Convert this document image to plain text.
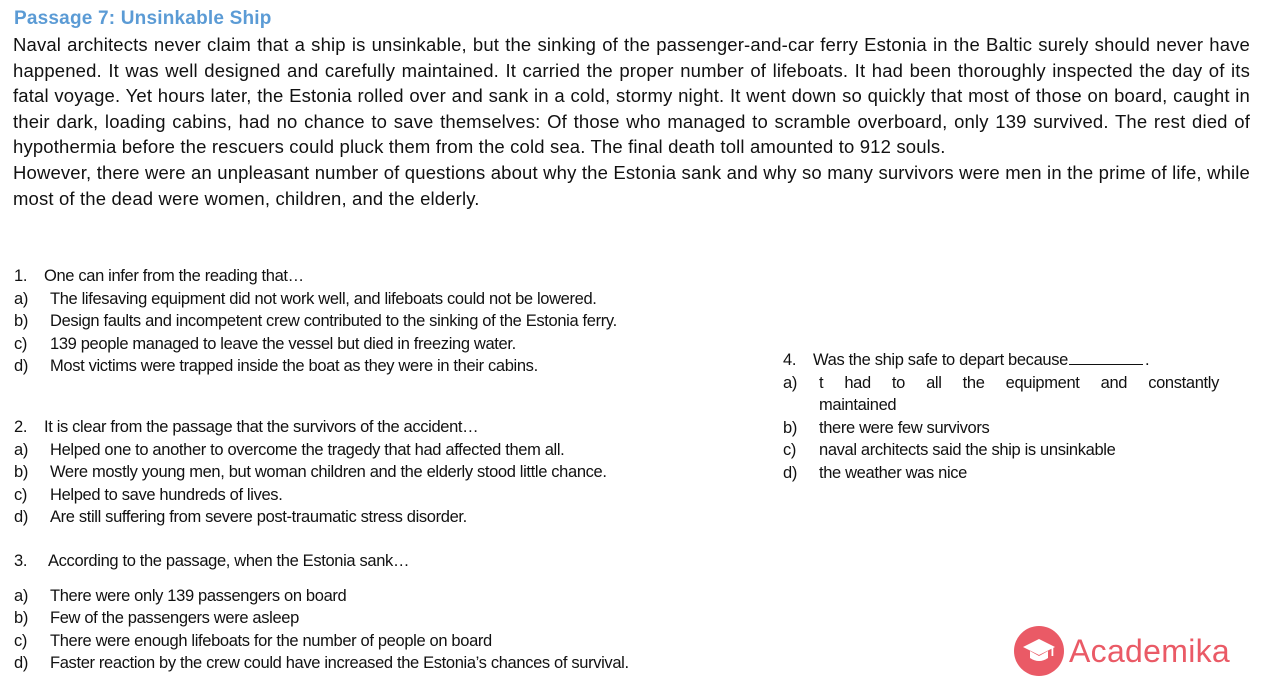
Passage 7: Unsinkable Ship

Naval architects never claim that a ship is unsinkable, but the sinking of the passenger-and-car ferry Estonia in the Baltic surely should never have happened. It was well designed and carefully maintained. It carried the proper number of lifeboats. It had been thoroughly inspected the day of its fatal voyage. Yet hours later, the Estonia rolled over and sank in a cold, stormy night. It went down so quickly that most of those on board, caught in their dark, loading cabins, had no chance to save themselves: Of those who managed to scramble overboard, only 139 survived. The rest died of hypothermia before the rescuers could pluck them from the cold sea. The final death toll amounted to 912 souls.

However, there were an unpleasant number of questions about why the Estonia sank and why so many survivors were men in the prime of life, while most of the dead were women, children, and the elderly.

1. One can infer from the reading that…
a)	The lifesaving equipment did not work well, and lifeboats could not be lowered.
b)	Design faults and incompetent crew contributed to the sinking of the Estonia ferry.
c)	139 people managed to leave the vessel but died in freezing water.
d)	Most victims were trapped inside the boat as they were in their cabins.
2. It is clear from the passage that the survivors of the accident…
a)	Helped one to another to overcome the tragedy that had affected them all.
b)	Were mostly young men, but woman children and the elderly stood little chance.
c)	Helped to save hundreds of lives.
d)	Are still suffering from severe post-traumatic stress disorder.
3. According to the passage, when the Estonia sank…
a)	There were only 139 passengers on board
b)	Few of the passengers were asleep
c)	There were enough lifeboats for the number of people on board
d)	Faster reaction by the crew could have increased the Estonia’s chances of survival.
4. Was the ship safe to depart because	.
a)	t had to all the equipment and constantly
maintained
b)	there were few survivors
c)	naval architects said the ship is unsinkable
d)	the weather was nice
Academika
